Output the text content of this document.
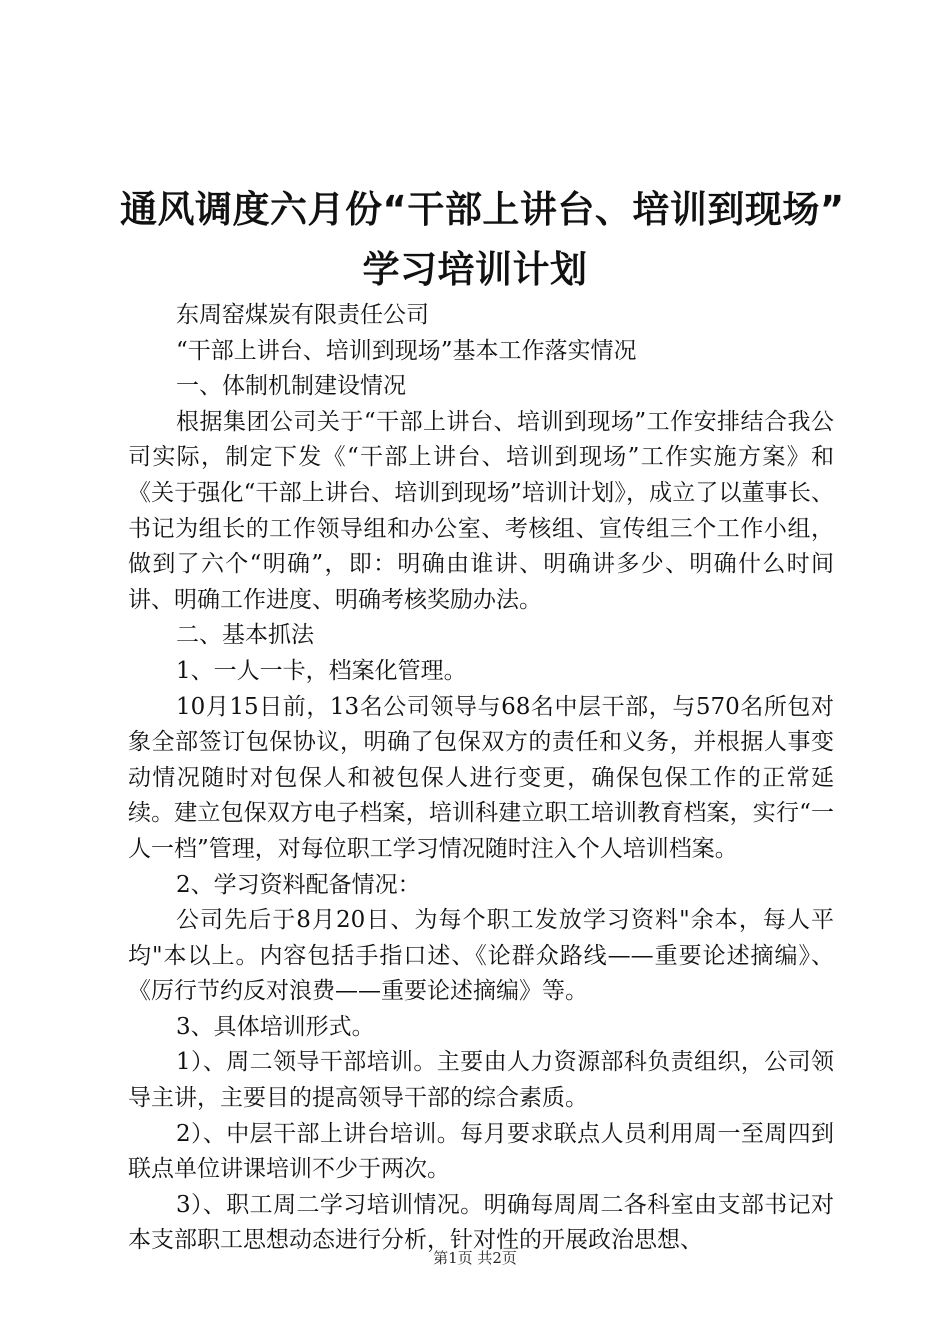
通风调度六月份“干部上讲台、培训到现场”
学习培训计划

东周窑煤炭有限责任公司

“干部上讲台、培训到现场”基本工作落实情况

一、体制机制建设情况

根据集团公司关于“干部上讲台、培训到现场”工作安排结合我公司实际，制定下发《“干部上讲台、培训到现场”工作实施方案》和《关于强化“干部上讲台、培训到现场”培训计划》，成立了以董事长、书记为组长的工作领导组和办公室、考核组、宣传组三个工作小组，做到了六个“明确”，即：明确由谁讲、明确讲多少、明确什么时间讲、明确工作进度、明确考核奖励办法。

二、基本抓法

1、一人一卡，档案化管理。

10月15日前，13名公司领导与68名中层干部，与570名所包对象全部签订包保协议，明确了包保双方的责任和义务，并根据人事变动情况随时对包保人和被包保人进行变更，确保包保工作的正常延续。建立包保双方电子档案，培训科建立职工培训教育档案，实行“一人一档”管理，对每位职工学习情况随时注入个人培训档案。

2、学习资料配备情况：

公司先后于8月20日、为每个职工发放学习资料"余本，每人平均"本以上。内容包括手指口述、《论群众路线——重要论述摘编》、《厉行节约反对浪费——重要论述摘编》等。

3、具体培训形式。

1）、周二领导干部培训。主要由人力资源部科负责组织，公司领导主讲，主要目的提高领导干部的综合素质。

2）、中层干部上讲台培训。每月要求联点人员利用周一至周四到联点单位讲课培训不少于两次。

3）、职工周二学习培训情况。明确每周周二各科室由支部书记对本支部职工思想动态进行分析，针对性的开展政治思想、

第1页 共2页
